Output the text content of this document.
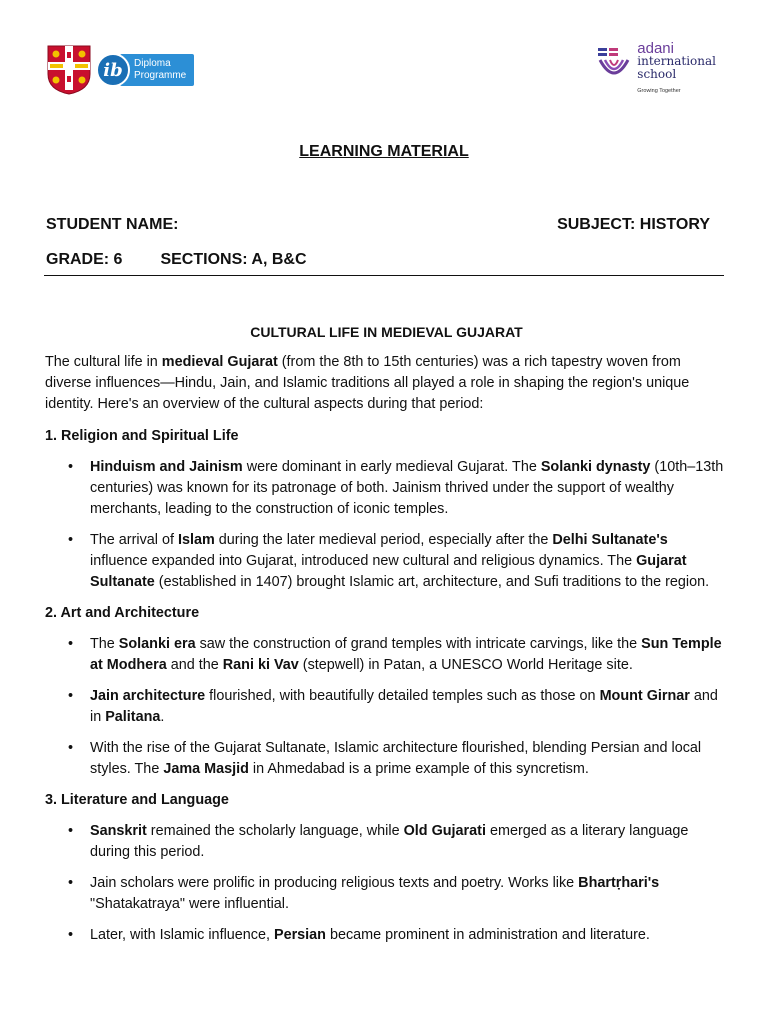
ib	Diploma
Programme
adani
international
school
Growing Together
LEARNING MATERIAL
STUDENT NAME:	SUBJECT: HISTORY
GRADE: 6 SECTIONS: A, B&C
CULTURAL LIFE IN MEDIEVAL GUJARAT

The cultural life in medieval Gujarat (from the 8th to 15th centuries) was a rich tapestry woven from diverse influences—Hindu, Jain, and Islamic traditions all played a role in shaping the region's unique identity. Here's an overview of the cultural aspects during that period:

1. Religion and Spiritual Life
• Hinduism and Jainism were dominant in early medieval Gujarat. The Solanki dynasty (10th–13th centuries) was known for its patronage of both. Jainism thrived under the support of wealthy merchants, leading to the construction of iconic temples.
• The arrival of Islam during the later medieval period, especially after the Delhi Sultanate's influence expanded into Gujarat, introduced new cultural and religious dynamics. The Gujarat Sultanate (established in 1407) brought Islamic art, architecture, and Sufi traditions to the region.
2. Art and Architecture
• The Solanki era saw the construction of grand temples with intricate carvings, like the Sun Temple at Modhera and the Rani ki Vav (stepwell) in Patan, a UNESCO World Heritage site.
• Jain architecture flourished, with beautifully detailed temples such as those on Mount Girnar and in Palitana.
• With the rise of the Gujarat Sultanate, Islamic architecture flourished, blending Persian and local styles. The Jama Masjid in Ahmedabad is a prime example of this syncretism.
3. Literature and Language
• Sanskrit remained the scholarly language, while Old Gujarati emerged as a literary language during this period.
• Jain scholars were prolific in producing religious texts and poetry. Works like Bhartṛhari's "Shatakatraya" were influential.
• Later, with Islamic influence, Persian became prominent in administration and literature.
